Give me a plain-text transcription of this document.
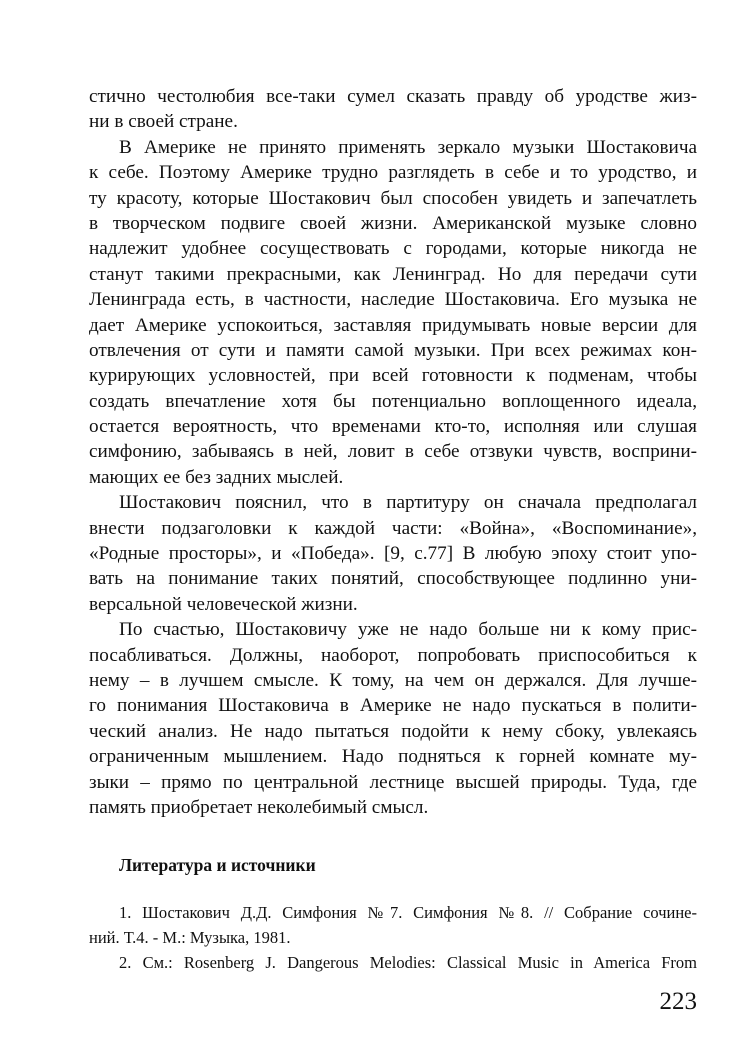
стично честолюбия все-таки сумел сказать правду об уродстве жиз-
ни в своей стране.
В Америке не принято применять зеркало музыки Шостаковича
к себе. Поэтому Америке трудно разглядеть в себе и то уродство, и
ту красоту, которые Шостакович был способен увидеть и запечатлеть
в творческом подвиге своей жизни. Американской музыке словно
надлежит удобнее сосуществовать с городами, которые никогда не
станут такими прекрасными, как Ленинград. Но для передачи сути
Ленинграда есть, в частности, наследие Шостаковича. Его музыка не
дает Америке успокоиться, заставляя придумывать новые версии для
отвлечения от сути и памяти самой музыки. При всех режимах кон-
курирующих условностей, при всей готовности к подменам, чтобы
создать впечатление хотя бы потенциально воплощенного идеала,
остается вероятность, что временами кто-то, исполняя или слушая
симфонию, забываясь в ней, ловит в себе отзвуки чувств, восприни-
мающих ее без задних мыслей.
Шостакович пояснил, что в партитуру он сначала предполагал
внести подзаголовки к каждой части: «Война», «Воспоминание»,
«Родные просторы», и «Победа». [9, с.77] В любую эпоху стоит упо-
вать на понимание таких понятий, способствующее подлинно уни-
версальной человеческой жизни.
По счастью, Шостаковичу уже не надо больше ни к кому прис-
посабливаться. Должны, наоборот, попробовать приспособиться к
нему – в лучшем смысле. К тому, на чем он держался. Для лучше-
го понимания Шостаковича в Америке не надо пускаться в полити-
ческий анализ. Не надо пытаться подойти к нему сбоку, увлекаясь
ограниченным мышлением. Надо подняться к горней комнате му-
зыки – прямо по центральной лестнице высшей природы. Туда, где
память приобретает неколебимый смысл.
Литература и источники
1. Шостакович Д.Д. Симфония №7. Симфония №8. // Собрание сочине-
ний. Т.4. - М.: Музыка, 1981.
2. См.: Rosenberg J. Dangerous Melodies: Classical Music in America From
223
